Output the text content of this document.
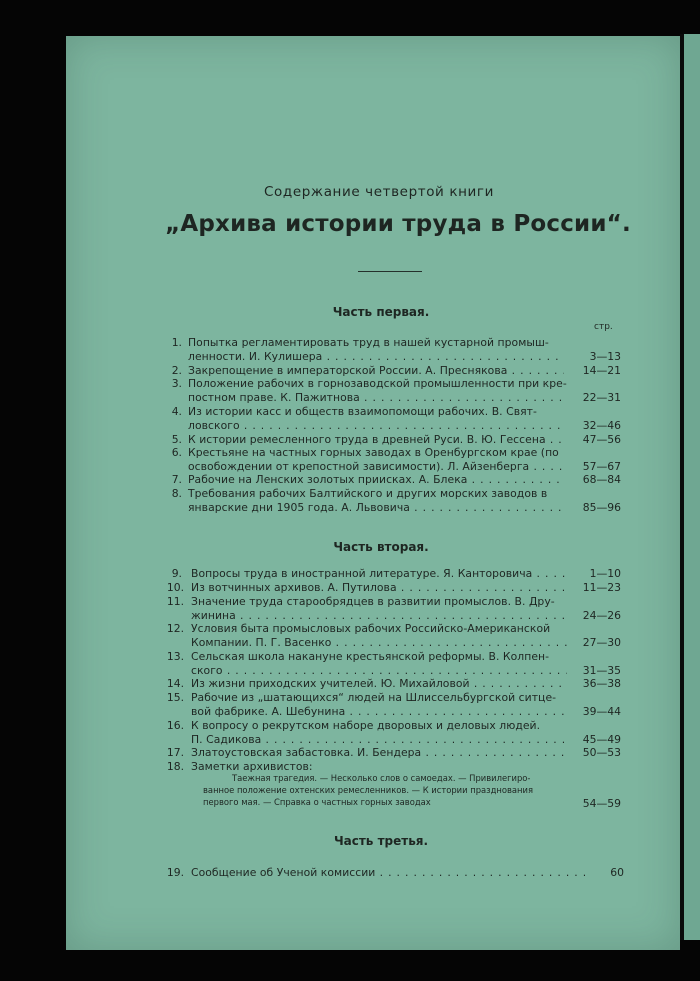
Содержание четвертой книги
„Архива истории труда в России“.
Часть первая.
стр.
1. Попытка регламентировать труд в нашей кустарной промыш-
ленности. И. Кулишера . . .	3—13
2. Закрепощение в императорской России. А. Преснякова . . .	14—21
3. Положение рабочих в горнозаводской промышленности при кре-
постном праве. К. Пажитнова . . .	22—31
4. Из истории касс и обществ взаимопомощи рабочих. В. Свят-
ловского . . .	32—46
5. К истории ремесленного труда в древней Руси. В. Ю. Гессена . . .	47—56
6. Крестьяне на частных горных заводах в Оренбургском крае (по
освобождении от крепостной зависимости). Л. Айзенберга . . .	57—67
7. Рабочие на Ленских золотых приисках. А. Блека . . .	68—84
8. Требования рабочих Балтийского и других морских заводов в
январские дни 1905 года. А. Львовича . . .	85—96
9. Вопросы труда в иностранной литературе. Я. Канторовича . . .	1—10
10. Из вотчинных архивов. А. Путилова . . .	11—23
11. Значение труда старообрядцев в развитии промыслов. В. Дру-
жинина . . .	24—26
12. Условия быта промысловых рабочих Российско-Американской
Компании. П. Г. Васенко . . .	27—30
13. Сельская школа накануне крестьянской реформы. В. Колпен-
ского . . .	31—35
14. Из жизни приходских учителей. Ю. Михайловой . . .	36—38
15. Рабочие из „шатающихся“ людей на Шлиссельбургской ситце-
вой фабрике. А. Шебунина . . .	39—44
16. К вопросу о рекрутском наборе дворовых и деловых людей.
П. Садикова . . .	45—49
17. Златоустовская забастовка. И. Бендера . . .	50—53
18. Заметки архивистов:
Таежная трагедия. — Несколько слов о самоедах. — Привилегиро-
ванное положение охтенских ремесленников. — К истории празднования
первого мая. — Справка о частных горных заводах	54—59
19. Сообщение об Ученой комиссии . . .	60
Часть вторая.
Часть третья.
